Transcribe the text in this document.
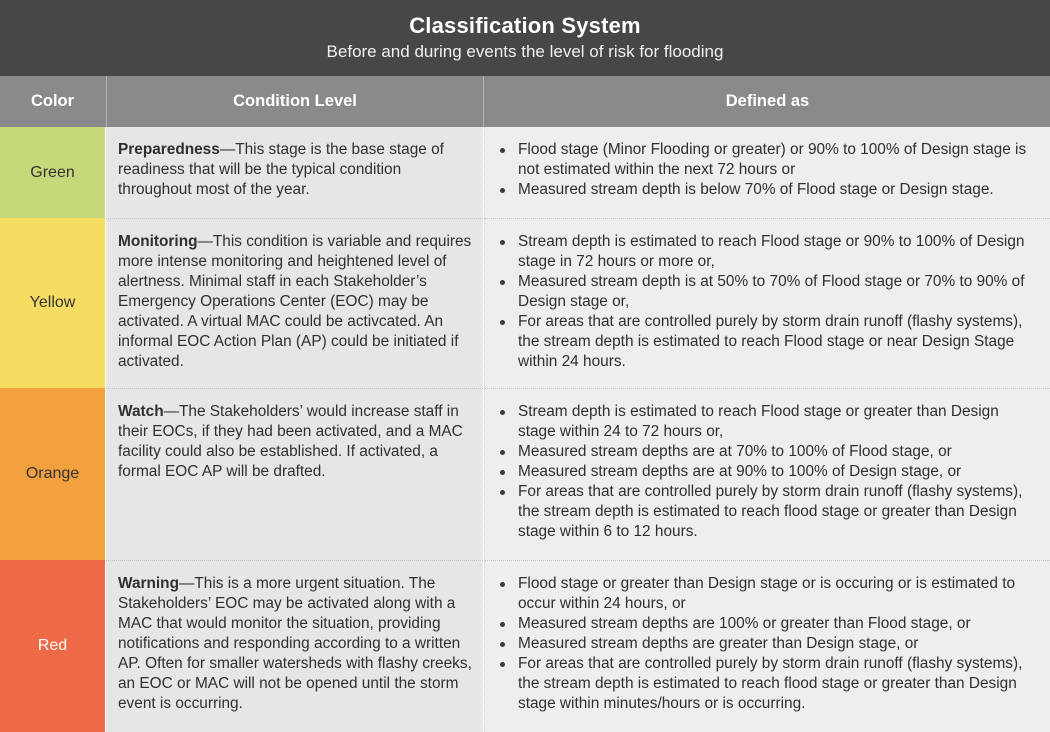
Classification System
Before and during events the level of risk for flooding
Color	Condition Level	Defined as
Green
Preparedness—This stage is the base stage of readiness that will be the typical condition throughout most of the year.
Flood stage (Minor Flooding or greater) or 90% to 100% of Design stage is not estimated within the next 72 hours or
Measured stream depth is below 70% of Flood stage or Design stage.
Yellow
Monitoring—This condition is variable and requires more intense monitoring and heightened level of alertness. Minimal staff in each Stakeholder’s Emergency Operations Center (EOC) may be activated. A virtual MAC could be activcated. An informal EOC Action Plan (AP) could be initiated if activated.
Stream depth is estimated to reach Flood stage or 90% to 100% of Design stage in 72 hours or more or,
Measured stream depth is at 50% to 70% of Flood stage or 70% to 90% of Design stage or,
For areas that are controlled purely by storm drain runoff (flashy systems), the stream depth is estimated to reach Flood stage or near Design Stage within 24 hours.
Orange
Watch—The Stakeholders’ would increase staff in their EOCs, if they had been activated, and a MAC facility could also be established. If activated, a formal EOC AP will be drafted.
Stream depth is estimated to reach Flood stage or greater than Design stage within 24 to 72 hours or,
Measured stream depths are at 70% to 100% of Flood stage, or
Measured stream depths are at 90% to 100% of Design stage, or
For areas that are controlled purely by storm drain runoff (flashy systems), the stream depth is estimated to reach flood stage or greater than Design stage within 6 to 12 hours.
Red
Warning—This is a more urgent situation. The Stakeholders’ EOC may be activated along with a MAC that would monitor the situation, providing notifications and responding according to a written AP. Often for smaller watersheds with flashy creeks, an EOC or MAC will not be opened until the storm event is occurring.
Flood stage or greater than Design stage or is occuring or is estimated to occur within 24 hours, or
Measured stream depths are 100% or greater than Flood stage, or
Measured stream depths are greater than Design stage, or
For areas that are controlled purely by storm drain runoff (flashy systems), the stream depth is estimated to reach flood stage or greater than Design stage within minutes/hours or is occurring.
